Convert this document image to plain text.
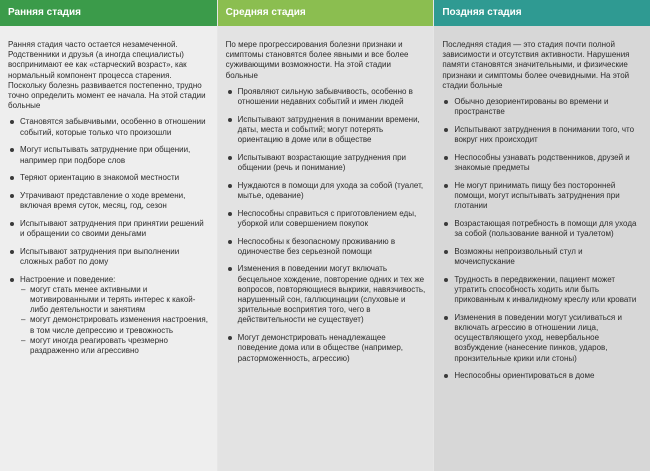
Ранняя стадия

Ранняя стадия часто остается незамеченной. Родственники и друзья (а иногда специалисты) воспринимают ее как «старческий возраст», как нормальный компонент процесса старения. Поскольку болезнь развивается постепенно, трудно точно определить момент ее начала. На этой стадии больные

Становятся забывчивыми, особенно в отношении событий, которые только что произошли
Могут испытывать затруднение при общении, например при подборе слов
Теряют ориентацию в знакомой местности
Утрачивают представление о ходе времени, включая время суток, месяц, год, сезон
Испытывают затруднения при принятии решений и обращении со своими деньгами
Испытывают затруднения при выполнении сложных работ по дому
Настроение и поведение:
– могут стать менее активными и мотивированными и терять интерес к какой-либо деятельности и занятиям
– могут демонстрировать изменения настроения, в том числе депрессию и тревожность
– могут иногда реагировать чрезмерно раздраженно или агрессивно
Средняя стадия

По мере прогрессирования болезни признаки и симптомы становятся более явными и все более суживающими возможности. На этой стадии больные

Проявляют сильную забывчивость, особенно в отношении недавних событий и имен людей
Испытывают затруднения в понимании времени, даты, места и событий; могут потерять ориентацию в доме или в обществе
Испытывают возрастающие затруднения при общении (речь и понимание)
Нуждаются в помощи для ухода за собой (туалет, мытье, одевание)
Неспособны справиться с приготовлением еды, уборкой или совершением покупок
Неспособны к безопасному проживанию в одиночестве без серьезной помощи
Изменения в поведении могут включать бесцельное хождение, повторение одних и тех же вопросов, повторяющиеся выкрики, навязчивость, нарушенный сон, галлюцинации (слуховые и зрительные восприятия того, чего в действительности не существует)
Могут демонстрировать ненадлежащее поведение дома или в обществе (например, расторможенность, агрессию)
Поздняя стадия

Последняя стадия — это стадия почти полной зависимости и отсутствия активности. Нарушения памяти становятся значительными, и физические признаки и симптомы более очевидными. На этой стадии больные

Обычно дезориентированы во времени и пространстве
Испытывают затруднения в понимании того, что вокруг них происходит
Неспособны узнавать родственников, друзей и знакомые предметы
Не могут принимать пищу без посторонней помощи, могут испытывать затруднения при глотании
Возрастающая потребность в помощи для ухода за собой (пользование ванной и туалетом)
Возможны непроизвольный стул и мочеиспускание
Трудность в передвижении, пациент может утратить способность ходить или быть прикованным к инвалидному креслу или кровати
Изменения в поведении могут усиливаться и включать агрессию в отношении лица, осуществляющего уход, невербальное возбуждение (нанесение пинков, ударов, пронзительные крики или стоны)
Неспособны ориентироваться в доме
